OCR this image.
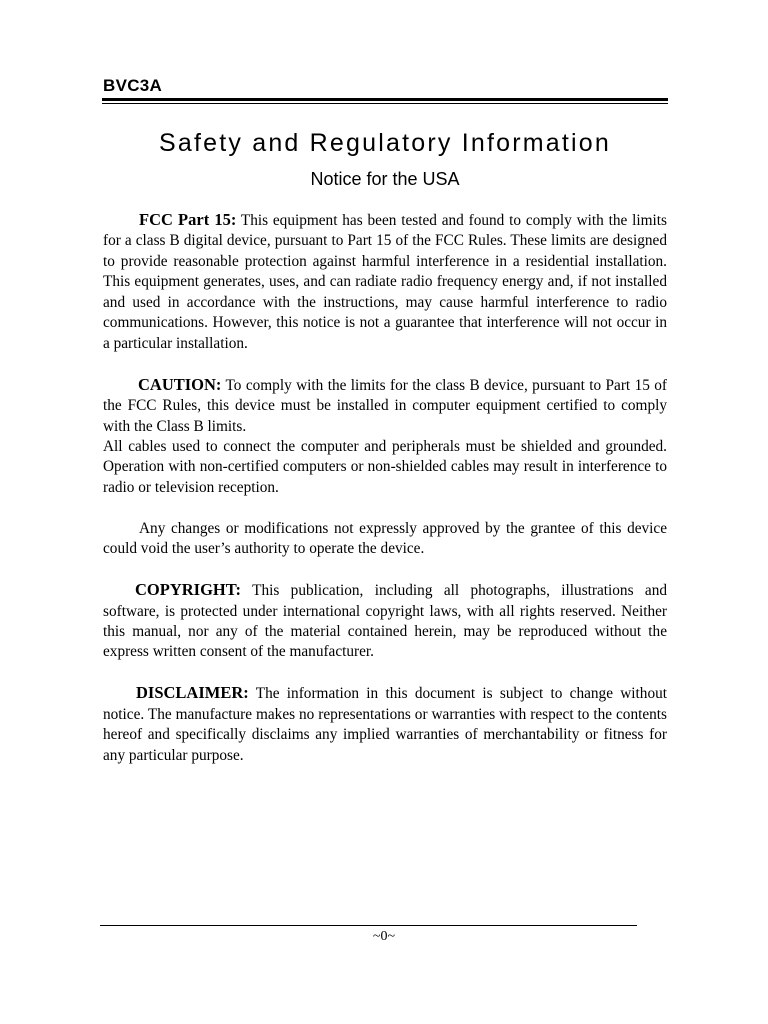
BVC3A
Safety and Regulatory Information
Notice for the USA

FCC Part 15: This equipment has been tested and found to comply with the limits for a class B digital device, pursuant to Part 15 of the FCC Rules. These limits are designed to provide reasonable protection against harmful interference in a residential installation. This equipment generates, uses, and can radiate radio frequency energy and, if not installed and used in accordance with the instructions, may cause harmful interference to radio communications. However, this notice is not a guarantee that interference will not occur in a particular installation.

CAUTION: To comply with the limits for the class B device, pursuant to Part 15 of the FCC Rules, this device must be installed in computer equipment certified to comply with the Class B limits.

All cables used to connect the computer and peripherals must be shielded and grounded. Operation with non-certified computers or non-shielded cables may result in interference to radio or television reception.

Any changes or modifications not expressly approved by the grantee of this device could void the user’s authority to operate the device.

COPYRIGHT: This publication, including all photographs, illustrations and software, is protected under international copyright laws, with all rights reserved. Neither this manual, nor any of the material contained herein, may be reproduced without the express written consent of the manufacturer.

DISCLAIMER: The information in this document is subject to change without notice. The manufacture makes no representations or warranties with respect to the contents hereof and specifically disclaims any implied warranties of merchantability or fitness for any particular purpose.

~0~
